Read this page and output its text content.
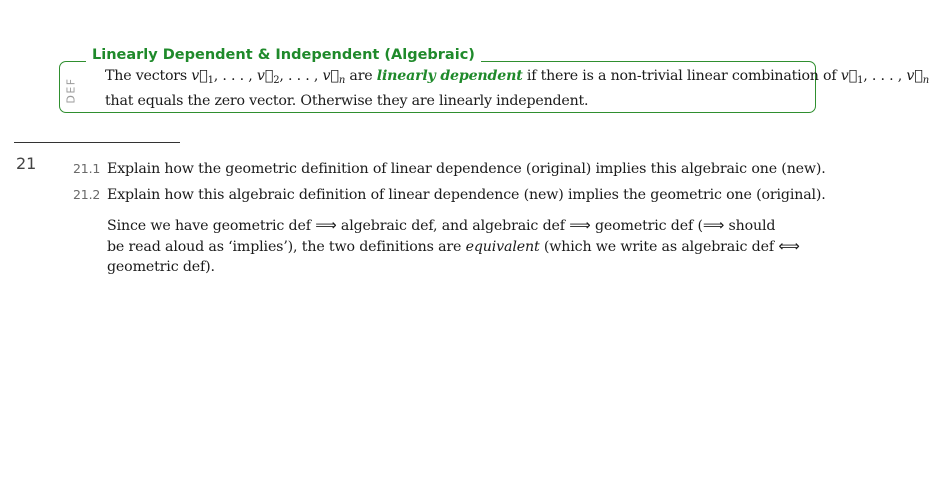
Linearly Dependent & Independent (Algebraic)
DEF
The vectors $v⃗_1$, . . . , $v⃗_2$, . . . , $v⃗_n$ are linearly dependent if there is a non-trivial linear combination of $v⃗_1$, . . . , $v⃗_n$
that equals the zero vector. Otherwise they are linearly independent.
21	21.1 Explain how the geometric definition of linear dependence (original) implies this algebraic one (new).
21.2 Explain how this algebraic definition of linear dependence (new) implies the geometric one (original).
Since we have geometric def ⟹ algebraic def, and algebraic def ⟹ geometric def (⟹ should
be read aloud as ‘implies’), the two definitions are equivalent (which we write as algebraic def ⟺
geometric def).
